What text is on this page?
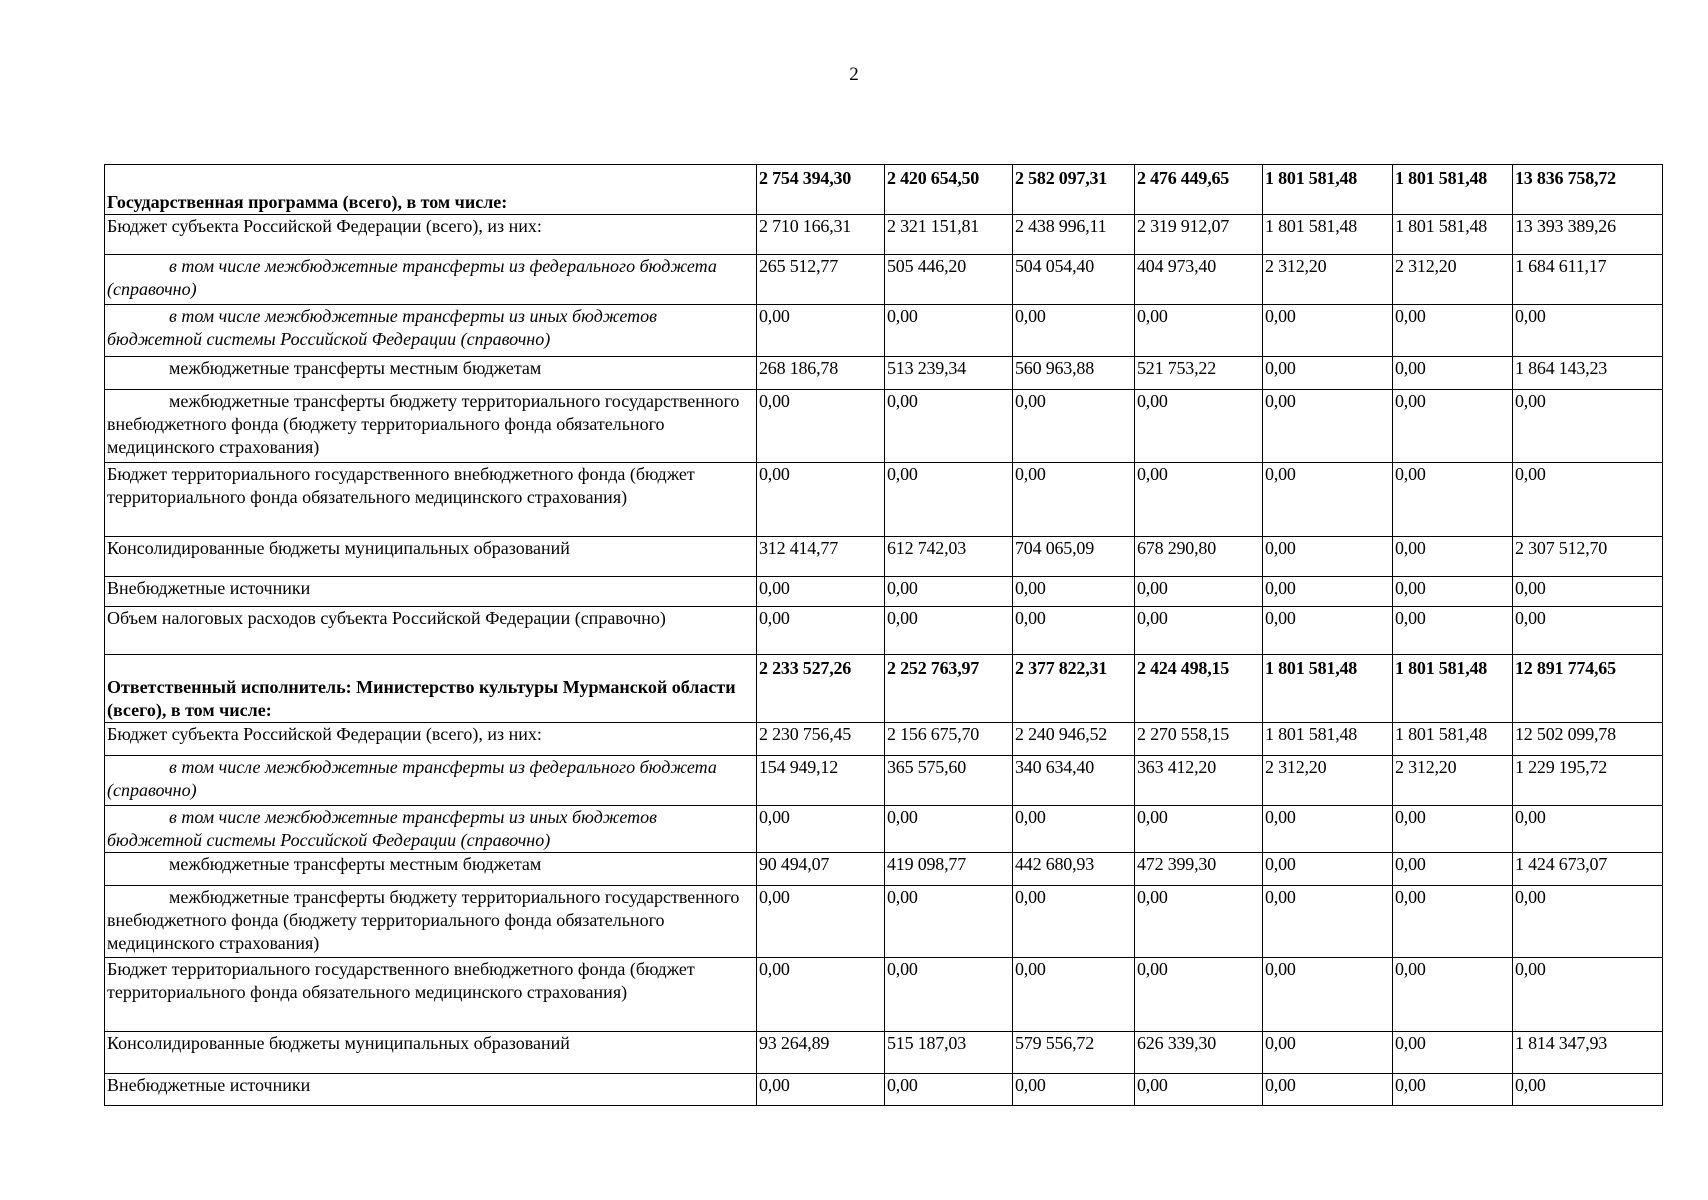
2
Государственная программа (всего), в том числе:	2 754 394,30	2 420 654,50	2 582 097,31	2 476 449,65	1 801 581,48	1 801 581,48	13 836 758,72
Бюджет субъекта Российской Федерации (всего), из них:	2 710 166,31	2 321 151,81	2 438 996,11	2 319 912,07	1 801 581,48	1 801 581,48	13 393 389,26
в том числе межбюджетные трансферты из федерального бюджета (справочно)	265 512,77	505 446,20	504 054,40	404 973,40	2 312,20	2 312,20	1 684 611,17
в том числе межбюджетные трансферты из иных бюджетов бюджетной системы Российской Федерации (справочно)	0,00	0,00	0,00	0,00	0,00	0,00	0,00
межбюджетные трансферты местным бюджетам	268 186,78	513 239,34	560 963,88	521 753,22	0,00	0,00	1 864 143,23
межбюджетные трансферты бюджету территориального государственного внебюджетного фонда (бюджету территориального фонда обязательного медицинского страхования)	0,00	0,00	0,00	0,00	0,00	0,00	0,00
Бюджет территориального государственного внебюджетного фонда (бюджет территориального фонда обязательного медицинского страхования)	0,00	0,00	0,00	0,00	0,00	0,00	0,00
Консолидированные бюджеты муниципальных образований	312 414,77	612 742,03	704 065,09	678 290,80	0,00	0,00	2 307 512,70
Внебюджетные источники	0,00	0,00	0,00	0,00	0,00	0,00	0,00
Объем налоговых расходов субъекта Российской Федерации (справочно)	0,00	0,00	0,00	0,00	0,00	0,00	0,00
Ответственный исполнитель: Министерство культуры Мурманской области (всего), в том числе:	2 233 527,26	2 252 763,97	2 377 822,31	2 424 498,15	1 801 581,48	1 801 581,48	12 891 774,65
Бюджет субъекта Российской Федерации (всего), из них:	2 230 756,45	2 156 675,70	2 240 946,52	2 270 558,15	1 801 581,48	1 801 581,48	12 502 099,78
в том числе межбюджетные трансферты из федерального бюджета (справочно)	154 949,12	365 575,60	340 634,40	363 412,20	2 312,20	2 312,20	1 229 195,72
в том числе межбюджетные трансферты из иных бюджетов бюджетной системы Российской Федерации (справочно)	0,00	0,00	0,00	0,00	0,00	0,00	0,00
межбюджетные трансферты местным бюджетам	90 494,07	419 098,77	442 680,93	472 399,30	0,00	0,00	1 424 673,07
межбюджетные трансферты бюджету территориального государственного внебюджетного фонда (бюджету территориального фонда обязательного медицинского страхования)	0,00	0,00	0,00	0,00	0,00	0,00	0,00
Бюджет территориального государственного внебюджетного фонда (бюджет территориального фонда обязательного медицинского страхования)	0,00	0,00	0,00	0,00	0,00	0,00	0,00
Консолидированные бюджеты муниципальных образований	93 264,89	515 187,03	579 556,72	626 339,30	0,00	0,00	1 814 347,93
Внебюджетные источники	0,00	0,00	0,00	0,00	0,00	0,00	0,00
